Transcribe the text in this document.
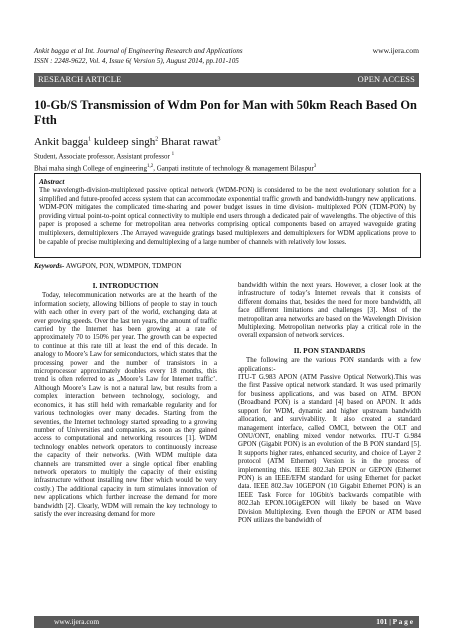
Ankit bagga et al Int. Journal of Engineering Research and Applications
ISSN : 2248-9622, Vol. 4, Issue 6( Version 5), August 2014, pp.101-105
www.ijera.com
RESEARCH ARTICLE	OPEN ACCESS
10-Gb/S Transmission of Wdm Pon for Man with 50km Reach Based On Ftth
Ankit bagga$^1$ kuldeep singh$^2$ Bharat rawat$^3$
Student, Associate professor, Assistant professor $^1$
Bhai maha singh College of engineering$^{1,2}$, Ganpati institute of technology & management Bilaspur$^3$
Abstract
The wavelength-division-multiplexed passive optical network (WDM-PON) is considered to be the next evolutionary solution for a simplified and future-proofed access system that can accommodate exponential traffic growth and bandwidth-hungry new applications. WDM-PON mitigates the complicated time-sharing and power budget issues in time division- multiplexed PON (TDM-PON) by providing virtual point-to-point optical connectivity to multiple end users through a dedicated pair of wavelengths. The objective of this paper is proposed a scheme for metropolitan area networks comprising optical components based on arrayed waveguide grating multiplexers, demultiplexers .The Arrayed waveguide gratings based multiplexers and demultiplexers for WDM applications prove to be capable of precise multiplexing and demultiplexing of a large number of channels with relatively low losses.
Keywords- AWGPON, PON, WDMPON, TDMPON
I. INTRODUCTION

Today, telecommunication networks are at the hearth of the information society, allowing billions of people to stay in touch with each other in every part of the world, exchanging data at ever growing speeds. Over the last ten years, the amount of traffic carried by the Internet has been growing at a rate of approximately 70 to 150% per year. The growth can be expected to continue at this rate till at least the end of this decade. In analogy to Moore’s Law for semiconductors, which states that the processing power and the number of transistors in a microprocessor approximately doubles every 18 months, this trend is often referred to as „Moore’s Law for Internet traffic’. Although Moore’s Law is not a natural law, but results from a complex interaction between technology, sociology, and economics, it has still held with remarkable regularity and for various technologies over many decades. Starting from the seventies, the Internet technology started spreading to a growing number of Universities and companies, as soon as they gained access to computational and networking resources [1]. WDM technology enables network operators to continuously increase the capacity of their networks. (With WDM multiple data channels are transmitted over a single optical fiber enabling network operators to multiply the capacity of their existing infrastructure without installing new fiber which would be very costly.) The additional capacity in turn stimulates innovation of new applications which further increase the demand for more bandwidth [2]. Clearly, WDM will remain the key technology to satisfy the ever increasing demand for more

bandwidth within the next years. However, a closer look at the infrastructure of today’s Internet reveals that it consists of different domains that, besides the need for more bandwidth, all face different limitations and challenges [3]. Most of the metropolitan area networks are based on the Wavelength Division Multiplexing. Metropolitan networks play a critical role in the overall expansion of network services.

II. PON STANDARDS

The following are the various PON standards with a few applications:-

ITU-T G.983 APON (ATM Passive Optical Network).This was the first Passive optical network standard. It was used primarily for business applications, and was based on ATM. BPON (Broadband PON) is a standard [4] based on APON. It adds support for WDM, dynamic and higher upstream bandwidth allocation, and survivability. It also created a standard management interface, called OMCI, between the OLT and ONU/ONT, enabling mixed vendor networks. ITU-T G.984 GPON (Gigabit PON) is an evolution of the B PON standard [5]. It supports higher rates, enhanced security, and choice of Layer 2 protocol (ATM Ethernet) Version is in the process of implementing this. IEEE 802.3ah EPON or GEPON (Ethernet PON) is an IEEE/EFM standard for using Ethernet for packet data. IEEE 802.3av 10GEPON (10 Gigabit Ethernet PON) is an IEEE Task Force for 10Gbit/s backwards compatible with 802.3ah EPON.10GigEPON will likely be based on Wave Division Multiplexing. Even though the EPON or ATM based PON utilizes the bandwidth of

www.ijera.com	101 | P a g e
